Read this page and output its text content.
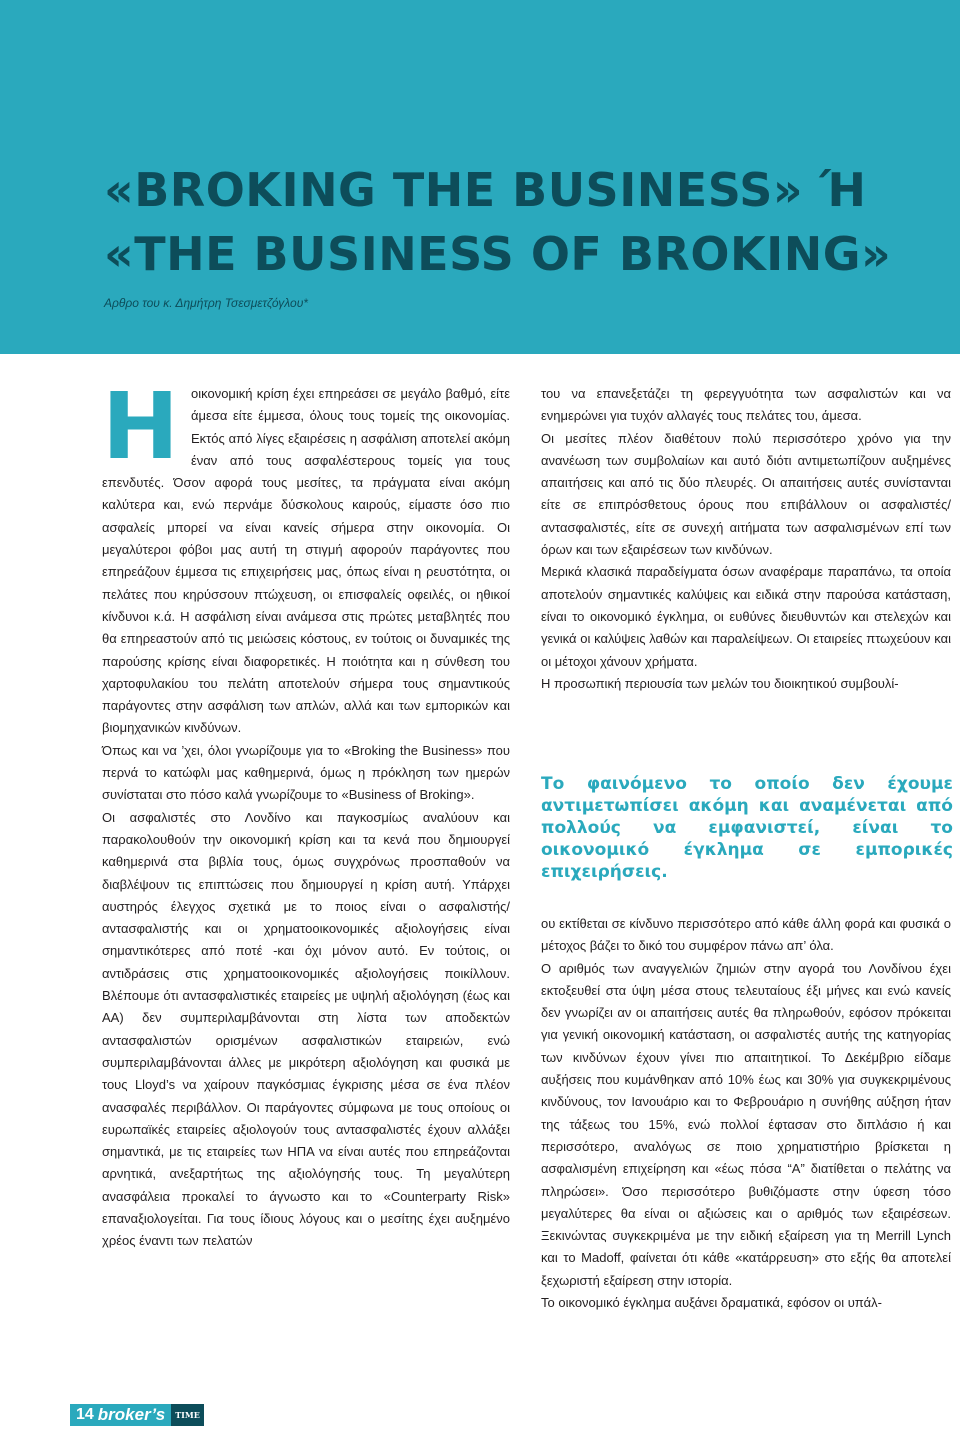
«BROKING THE BUSINESS» Ή
«THE BUSINESS OF BROKING»
Αρθρο του κ. Δημήτρη Τσεσμετζόγλου*
Η οικονομική κρίση έχει επηρεάσει σε μεγάλο βαθμό, είτε άμεσα είτε έμμεσα, όλους τους τομείς της οικονομίας. Εκτός από λίγες εξαιρέσεις η ασφάλιση αποτελεί ακόμη έναν από τους ασφαλέστερους τομείς για τους επενδυτές. Όσον αφορά τους μεσίτες, τα πράγματα είναι ακόμη καλύτερα και, ενώ περνάμε δύσκολους καιρούς, είμαστε όσο πιο ασφαλείς μπορεί να είναι κανείς σήμερα στην οικονομία. Οι μεγαλύτεροι φόβοι μας αυτή τη στιγμή αφορούν παράγοντες που επηρεάζουν έμμεσα τις επιχειρήσεις μας, όπως είναι η ρευστότητα, οι πελάτες που κηρύσσουν πτώχευση, οι επισφαλείς οφειλές, οι ηθικοί κίνδυνοι κ.ά. Η ασφάλιση είναι ανάμεσα στις πρώτες μεταβλητές που θα επηρεαστούν από τις μειώσεις κόστους, εν τούτοις οι δυναμικές της παρούσης κρίσης είναι διαφορετικές. Η ποιότητα και η σύνθεση του χαρτοφυλακίου του πελάτη αποτελούν σήμερα τους σημαντικούς παράγοντες στην ασφάλιση των απλών, αλλά και των εμπορικών και βιομηχανικών κινδύνων.

Όπως και να ’χει, όλοι γνωρίζουμε για το «Broking the Business» που περνά το κατώφλι μας καθημερινά, όμως η πρόκληση των ημερών συνίσταται στο πόσο καλά γνωρίζουμε το «Business of Broking».

Οι ασφαλιστές στο Λονδίνο και παγκοσμίως αναλύουν και παρακολουθούν την οικονομική κρίση και τα κενά που δημιουργεί καθημερινά στα βιβλία τους, όμως συγχρόνως προσπαθούν να διαβλέψουν τις επιπτώσεις που δημιουργεί η κρίση αυτή. Υπάρχει αυστηρός έλεγχος σχετικά με το ποιος είναι ο ασφαλιστής/αντασφαλιστής και οι χρηματοοικονομικές αξιολογήσεις είναι σημαντικότερες από ποτέ -και όχι μόνον αυτό. Εν τούτοις, οι αντιδράσεις στις χρηματοοικονομικές αξιολογήσεις ποικίλλουν. Βλέπουμε ότι αντασφαλιστικές εταιρείες με υψηλή αξιολόγηση (έως και ΑΑ) δεν συμπεριλαμβάνονται στη λίστα των αποδεκτών αντασφαλιστών ορισμένων ασφαλιστικών εταιρειών, ενώ συμπεριλαμβάνονται άλλες με μικρότερη αξιολόγηση και φυσικά με τους Lloyd’s να χαίρουν παγκόσμιας έγκρισης μέσα σε ένα πλέον ανασφαλές περιβάλλον. Οι παράγοντες σύμφωνα με τους οποίους οι ευρωπαϊκές εταιρείες αξιολογούν τους αντασφαλιστές έχουν αλλάξει σημαντικά, με τις εταιρείες των ΗΠΑ να είναι αυτές που επηρεάζονται αρνητικά, ανεξαρτήτως της αξιολόγησής τους. Τη μεγαλύτερη ανασφάλεια προκαλεί το άγνωστο και το «Counterparty Risk» επαναξιολογείται. Για τους ίδιους λόγους και ο μεσίτης έχει αυξημένο χρέος έναντι των πελατών

του να επανεξετάζει τη φερεγγυότητα των ασφαλιστών και να ενημερώνει για τυχόν αλλαγές τους πελάτες του, άμεσα.

Οι μεσίτες πλέον διαθέτουν πολύ περισσότερο χρόνο για την ανανέωση των συμβολαίων και αυτό διότι αντιμετωπίζουν αυξημένες απαιτήσεις και από τις δύο πλευρές. Οι απαιτήσεις αυτές συνίστανται είτε σε επιπρόσθετους όρους που επιβάλλουν οι ασφαλιστές/αντασφαλιστές, είτε σε συνεχή αιτήματα των ασφαλισμένων επί των όρων και των εξαιρέσεων των κινδύνων.

Μερικά κλασικά παραδείγματα όσων αναφέραμε παραπάνω, τα οποία αποτελούν σημαντικές καλύψεις και ειδικά στην παρούσα κατάσταση, είναι το οικονομικό έγκλημα, οι ευθύνες διευθυντών και στελεχών και γενικά οι καλύψεις λαθών και παραλείψεων. Οι εταιρείες πτωχεύουν και οι μέτοχοι χάνουν χρήματα.

Η προσωπική περιουσία των μελών του διοικητικού συμβουλί-

Το φαινόμενο το οποίο δεν έχουμε αντιμετωπίσει ακόμη και αναμένεται από πολλούς να εμφανιστεί, είναι το οικονομικό έγκλημα σε εμπορικές επιχειρήσεις.

ου εκτίθεται σε κίνδυνο περισσότερο από κάθε άλλη φορά και φυσικά ο μέτοχος βάζει το δικό του συμφέρον πάνω απ’ όλα.

Ο αριθμός των αναγγελιών ζημιών στην αγορά του Λονδίνου έχει εκτοξευθεί στα ύψη μέσα στους τελευταίους έξι μήνες και ενώ κανείς δεν γνωρίζει αν οι απαιτήσεις αυτές θα πληρωθούν, εφόσον πρόκειται για γενική οικονομική κατάσταση, οι ασφαλιστές αυτής της κατηγορίας των κινδύνων έχουν γίνει πιο απαιτητικοί. Το Δεκέμβριο είδαμε αυξήσεις που κυμάνθηκαν από 10% έως και 30% για συγκεκριμένους κινδύνους, τον Ιανουάριο και το Φεβρουάριο η συνήθης αύξηση ήταν της τάξεως του 15%, ενώ πολλοί έφτασαν στο διπλάσιο ή και περισσότερο, αναλόγως σε ποιο χρηματιστήριο βρίσκεται η ασφαλισμένη επιχείρηση και «έως πόσα “Α” διατίθεται ο πελάτης να πληρώσει». Όσο περισσότερο βυθιζόμαστε στην ύφεση τόσο μεγαλύτερες θα είναι οι αξιώσεις και ο αριθμός των εξαιρέσεων. Ξεκινώντας συγκεκριμένα με την ειδική εξαίρεση για τη Merrill Lynch και το Madoff, φαίνεται ότι κάθε «κατάρρευση» στο εξής θα αποτελεί ξεχωριστή εξαίρεση στην ιστορία.

Το οικονομικό έγκλημα αυξάνει δραματικά, εφόσον οι υπάλ-

14 broker’s	TIME
